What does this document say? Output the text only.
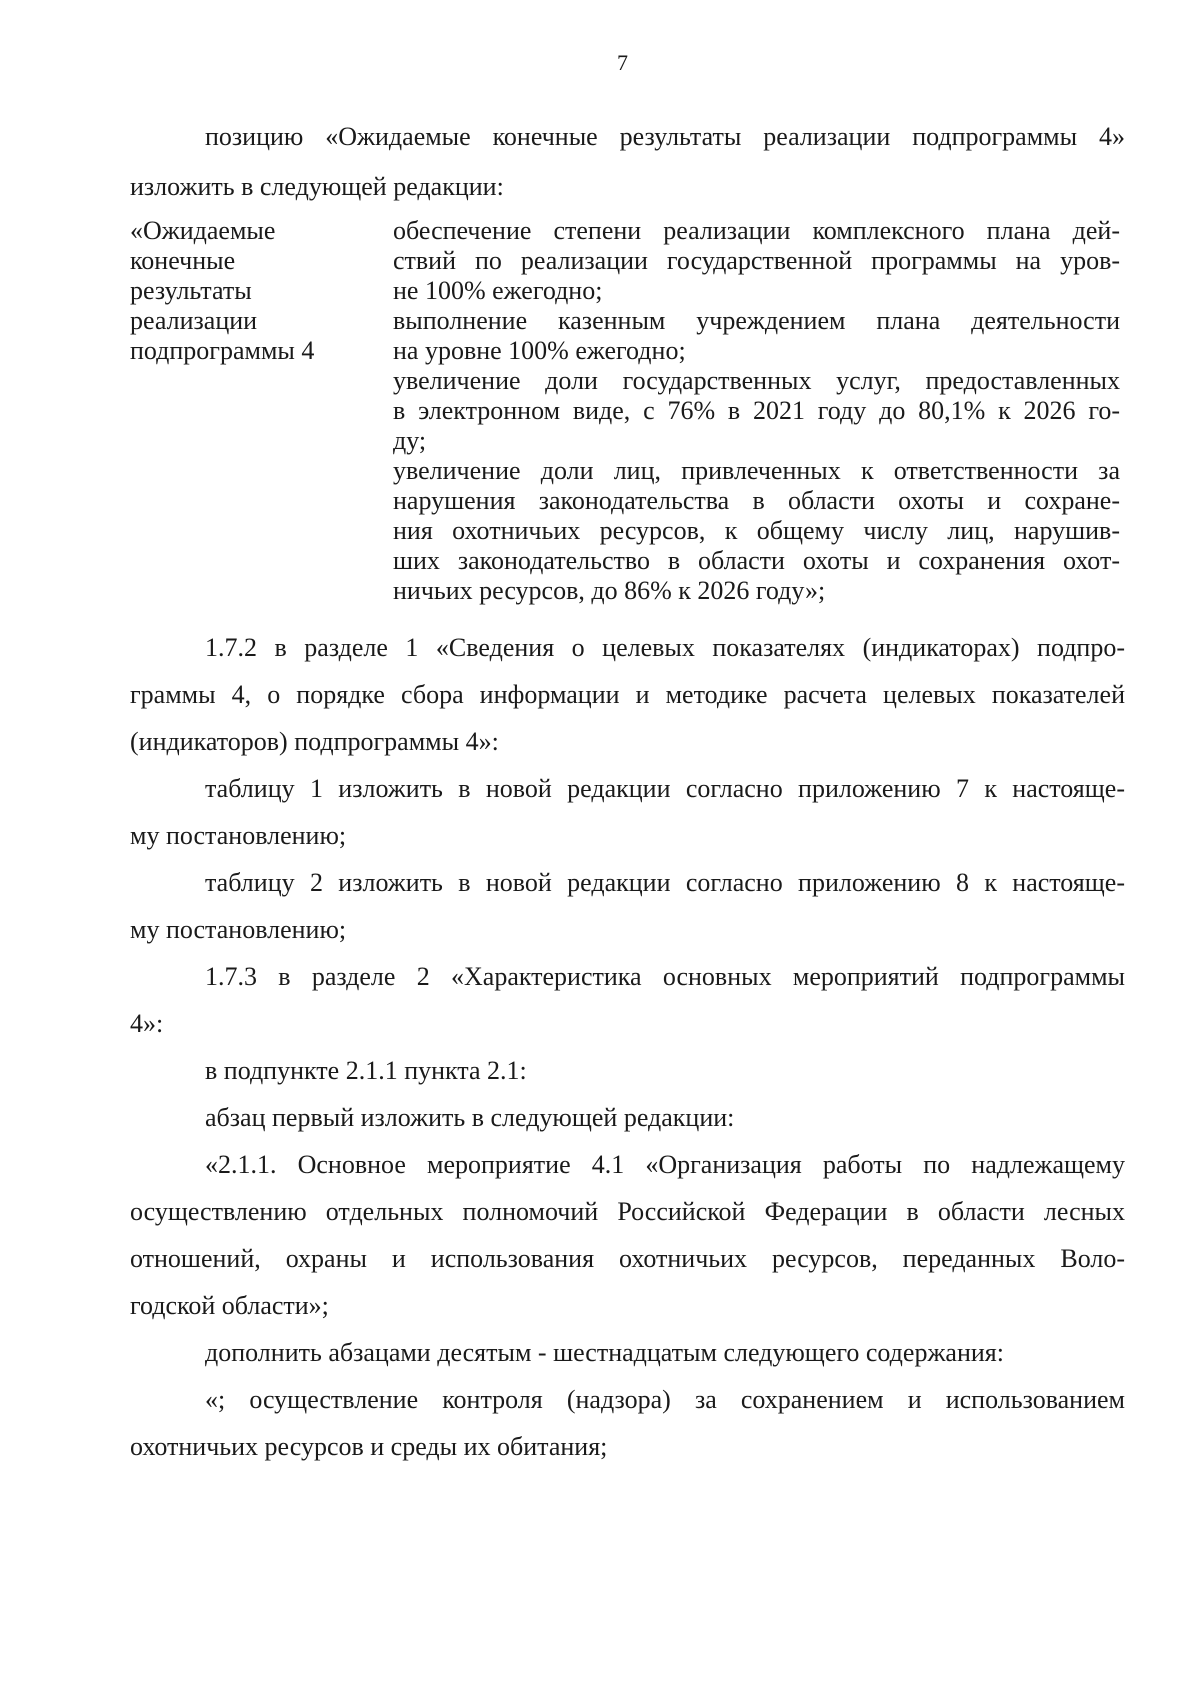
7
позицию «Ожидаемые конечные результаты реализации подпрограммы 4»
изложить в следующей редакции:
«Ожидаемые
конечные
результаты
реализации
подпрограммы 4
обеспечение степени реализации комплексного плана дей-
ствий по реализации государственной программы на уров-
не 100% ежегодно;
выполнение казенным учреждением плана деятельности
на уровне 100% ежегодно;
увеличение доли государственных услуг, предоставленных
в электронном виде, с 76% в 2021 году до 80,1% к 2026 го-
ду;
увеличение доли лиц, привлеченных к ответственности за
нарушения законодательства в области охоты и сохране-
ния охотничьих ресурсов, к общему числу лиц, нарушив-
ших законодательство в области охоты и сохранения охот-
ничьих ресурсов, до 86% к 2026 году»;
1.7.2 в разделе 1 «Сведения о целевых показателях (индикаторах) подпро-
граммы 4, о порядке сбора информации и методике расчета целевых показателей
(индикаторов) подпрограммы 4»:
таблицу 1 изложить в новой редакции согласно приложению 7 к настояще-
му постановлению;
таблицу 2 изложить в новой редакции согласно приложению 8 к настояще-
му постановлению;
1.7.3 в разделе 2 «Характеристика основных мероприятий подпрограммы
4»:
в подпункте 2.1.1 пункта 2.1:
абзац первый изложить в следующей редакции:
«2.1.1. Основное мероприятие 4.1 «Организация работы по надлежащему
осуществлению отдельных полномочий Российской Федерации в области лесных
отношений, охраны и использования охотничьих ресурсов, переданных Воло-
годской области»;
дополнить абзацами десятым - шестнадцатым следующего содержания:
«; осуществление контроля (надзора) за сохранением и использованием
охотничьих ресурсов и среды их обитания;
